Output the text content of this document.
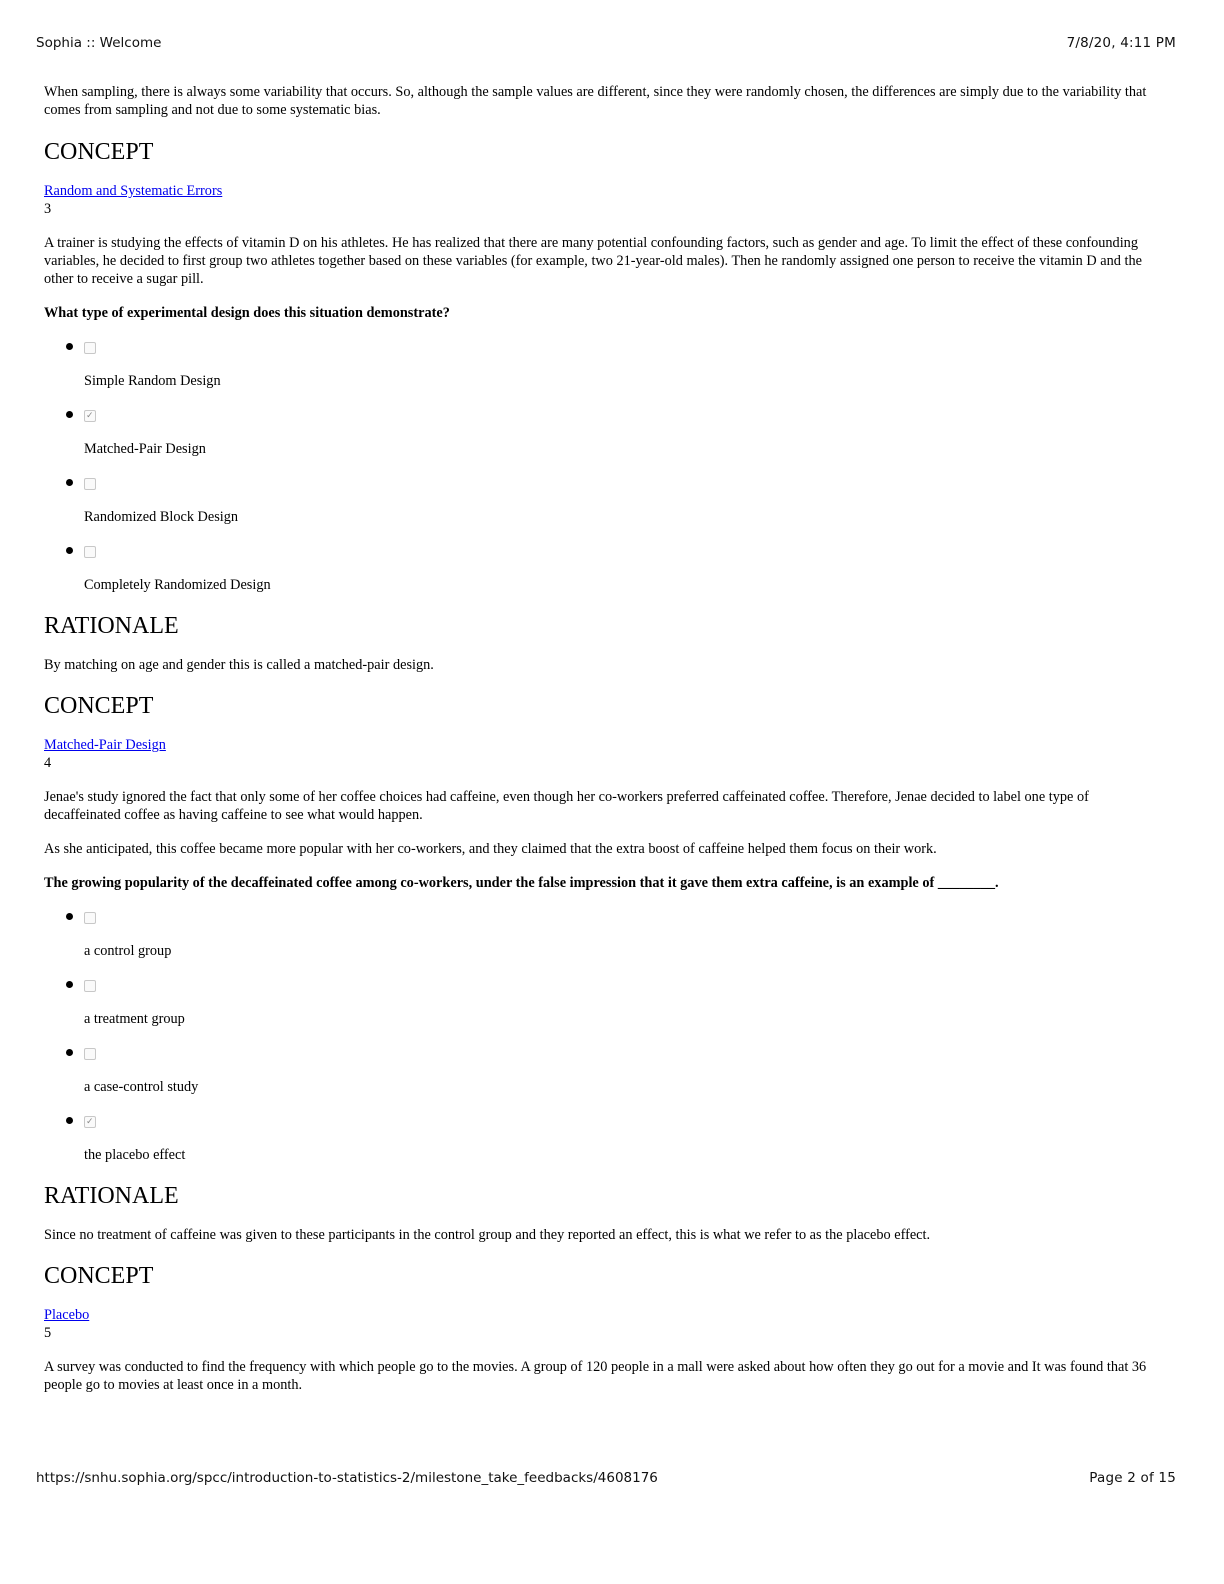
Sophia :: Welcome	7/8/20, 4:11 PM

When sampling, there is always some variability that occurs. So, although the sample values are different, since they were randomly chosen, the differences are simply due to the variability that comes from sampling and not due to some systematic bias.

CONCEPT
Random and Systematic Errors
3

A trainer is studying the effects of vitamin D on his athletes. He has realized that there are many potential confounding factors, such as gender and age. To limit the effect of these confounding variables, he decided to first group two athletes together based on these variables (for example, two 21-year-old males). Then he randomly assigned one person to receive the vitamin D and the other to receive a sugar pill.

What type of experimental design does this situation demonstrate?

Simple Random Design
✓
Matched-Pair Design
Randomized Block Design
Completely Randomized Design
RATIONALE

By matching on age and gender this is called a matched-pair design.

CONCEPT
Matched-Pair Design
4

Jenae's study ignored the fact that only some of her coffee choices had caffeine, even though her co-workers preferred caffeinated coffee. Therefore, Jenae decided to label one type of decaffeinated coffee as having caffeine to see what would happen.

As she anticipated, this coffee became more popular with her co-workers, and they claimed that the extra boost of caffeine helped them focus on their work.

The growing popularity of the decaffeinated coffee among co-workers, under the false impression that it gave them extra caffeine, is an example of ________.

a control group
a treatment group
a case-control study
✓
the placebo effect
RATIONALE

Since no treatment of caffeine was given to these participants in the control group and they reported an effect, this is what we refer to as the placebo effect.

CONCEPT
Placebo
5

A survey was conducted to find the frequency with which people go to the movies. A group of 120 people in a mall were asked about how often they go out for a movie and It was found that 36 people go to movies at least once in a month.

https://snhu.sophia.org/spcc/introduction-to-statistics-2/milestone_take_feedbacks/4608176	Page 2 of 15
